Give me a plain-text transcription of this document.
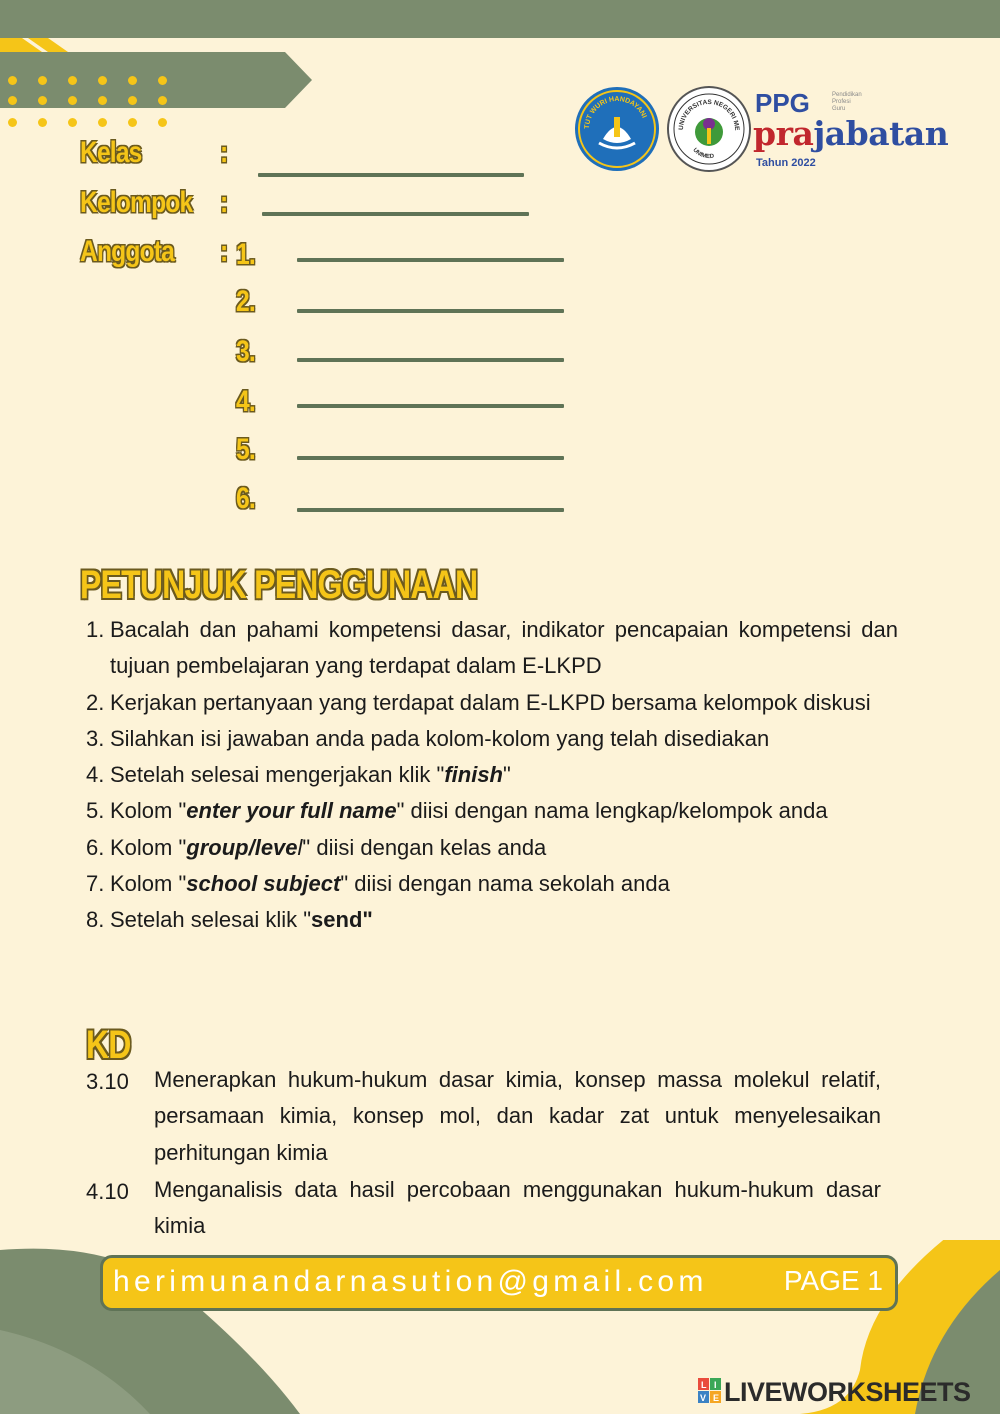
TUT WURI HANDAYANI
UNIVERSITAS NEGERI ME
UNIMED
PPG	Pendidikan
Profesi
Guru
prajabatan
Tahun 2022
Kelas	:
Kelompok :
Anggota : 1.
2.
3.
4.
5.
6.
PETUNJUK PENGGUNAAN
1. Bacalah dan pahami kompetensi dasar, indikator pencapaian kompetensi dan tujuan pembelajaran yang terdapat dalam E-LKPD
2. Kerjakan pertanyaan yang terdapat dalam E-LKPD bersama kelompok diskusi
3. Silahkan isi jawaban anda pada kolom-kolom yang telah disediakan
4. Setelah selesai mengerjakan klik "finish"
5. Kolom "enter your full name" diisi dengan nama lengkap/kelompok anda
6. Kolom "group/level" diisi dengan kelas anda
7. Kolom "school subject" diisi dengan nama sekolah anda
8. Setelah selesai klik "send"
KD
3.10 Menerapkan hukum-hukum dasar kimia, konsep massa molekul relatif, persamaan kimia, konsep mol, dan kadar zat untuk menyelesaikan perhitungan kimia
4.10 Menganalisis data hasil percobaan menggunakan hukum-hukum dasar kimia
herimunandarnasution@gmail.com	PAGE 1
L I
V E LIVEWORKSHEETS
